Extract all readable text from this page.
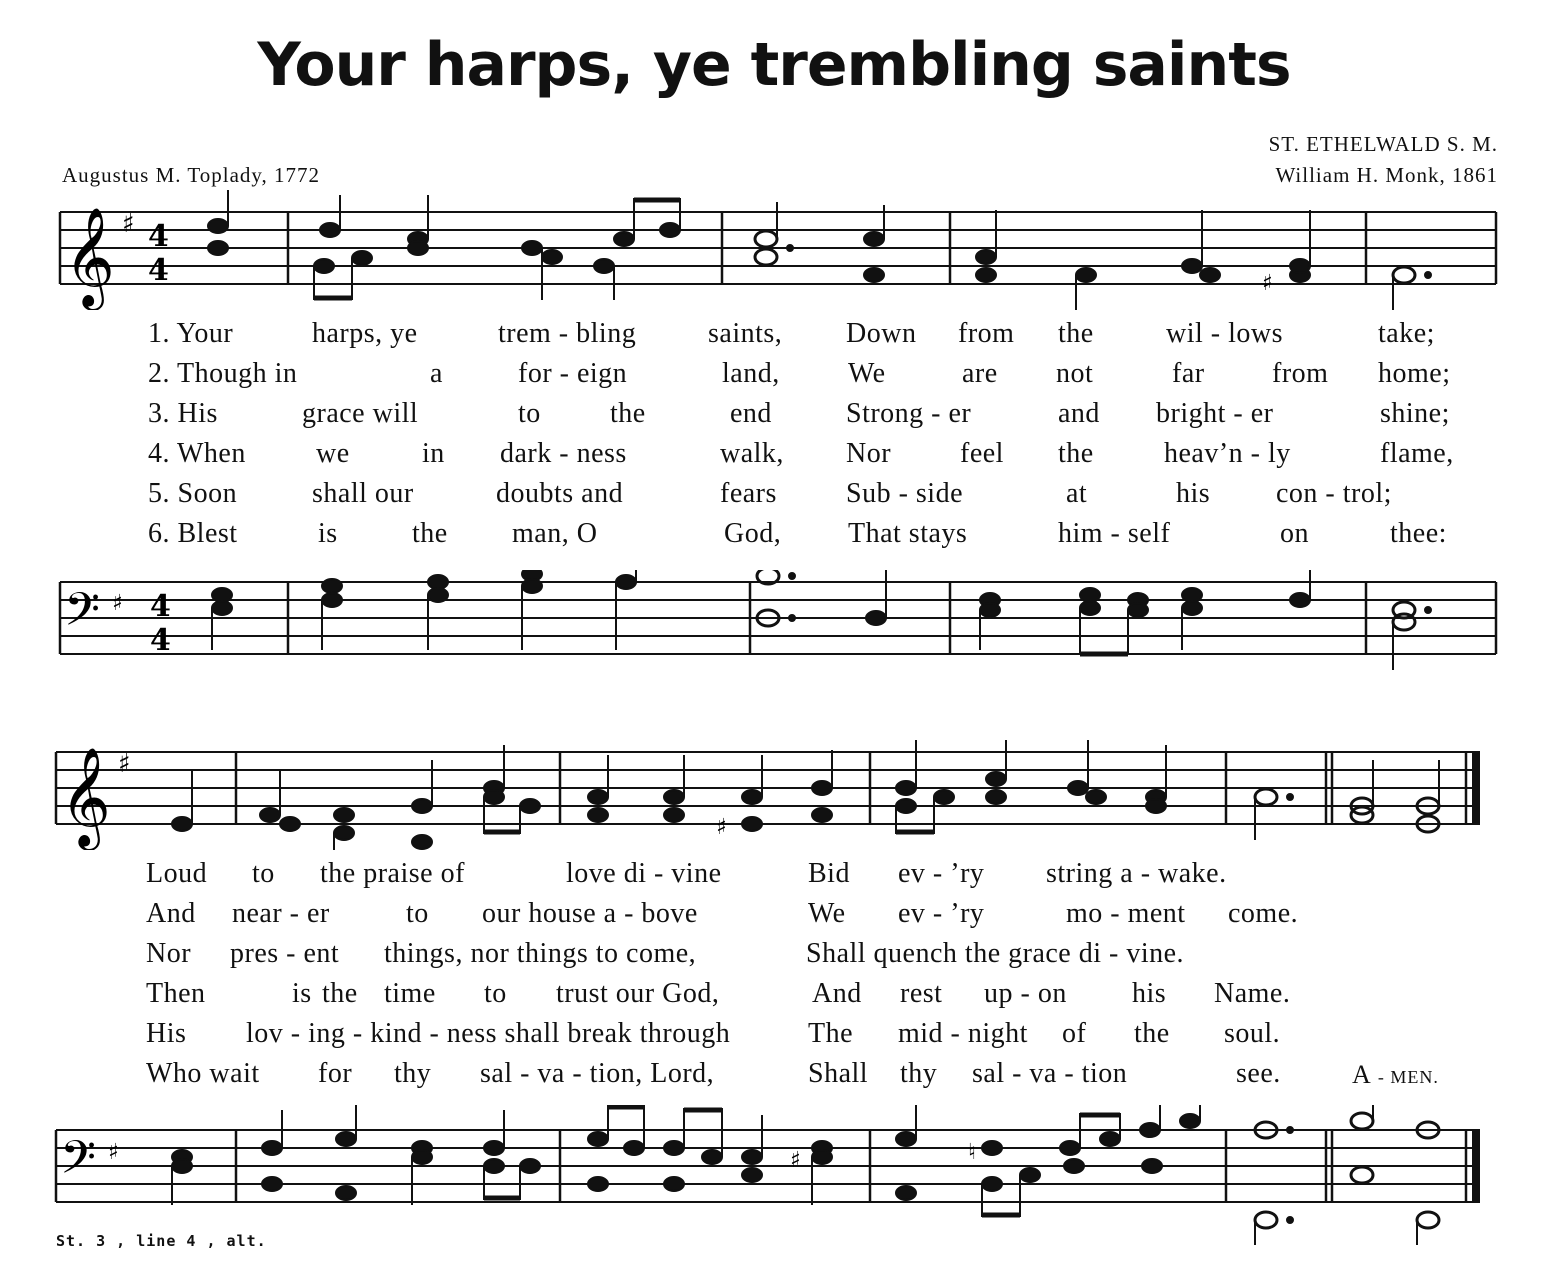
Your harps, ye trembling saints
ST. ETHELWALD S. M.
Augustus M. Toplady, 1772	William H. Monk, 1861
𝄞 ♯ 4
4	♯
1. Your	harps, ye	trem - bling	saints, Down from the	wil - lows	take;
2. Though in	a	for - eign	land, We	are not	far from home;
3. His	grace will	to the	end	Strong - er	and bright - er	shine;
4. When	we	in dark - ness	walk, Nor feel the	heav’n - ly	flame,
5. Soon	shall our	doubts and	fears Sub - side	at	his con - trol;
6. Blest	is	the man, O	God, That stays	him - self	on	thee:
𝄢 ♯ 4
4
𝄞 ♯
♯
Loud to the praise of	love di - vine	Bid ev - ’ry string a - wake.
And near - er	to our house a - bove	We ev - ’ry	mo - ment come.
Nor pres - ent things, nor things to come,	Shall quench the grace di - vine.
Then	is the time to trust our God,	And rest up - on his Name.
His lov - ing - kind - ness shall break through	The mid - night of the soul.
Who wait for thy sal - va - tion, Lord,	Shall thy sal - va - tion	see.	A - MEN.
𝄢 ♯	♯	♮
St. 3 , line 4 , alt.
